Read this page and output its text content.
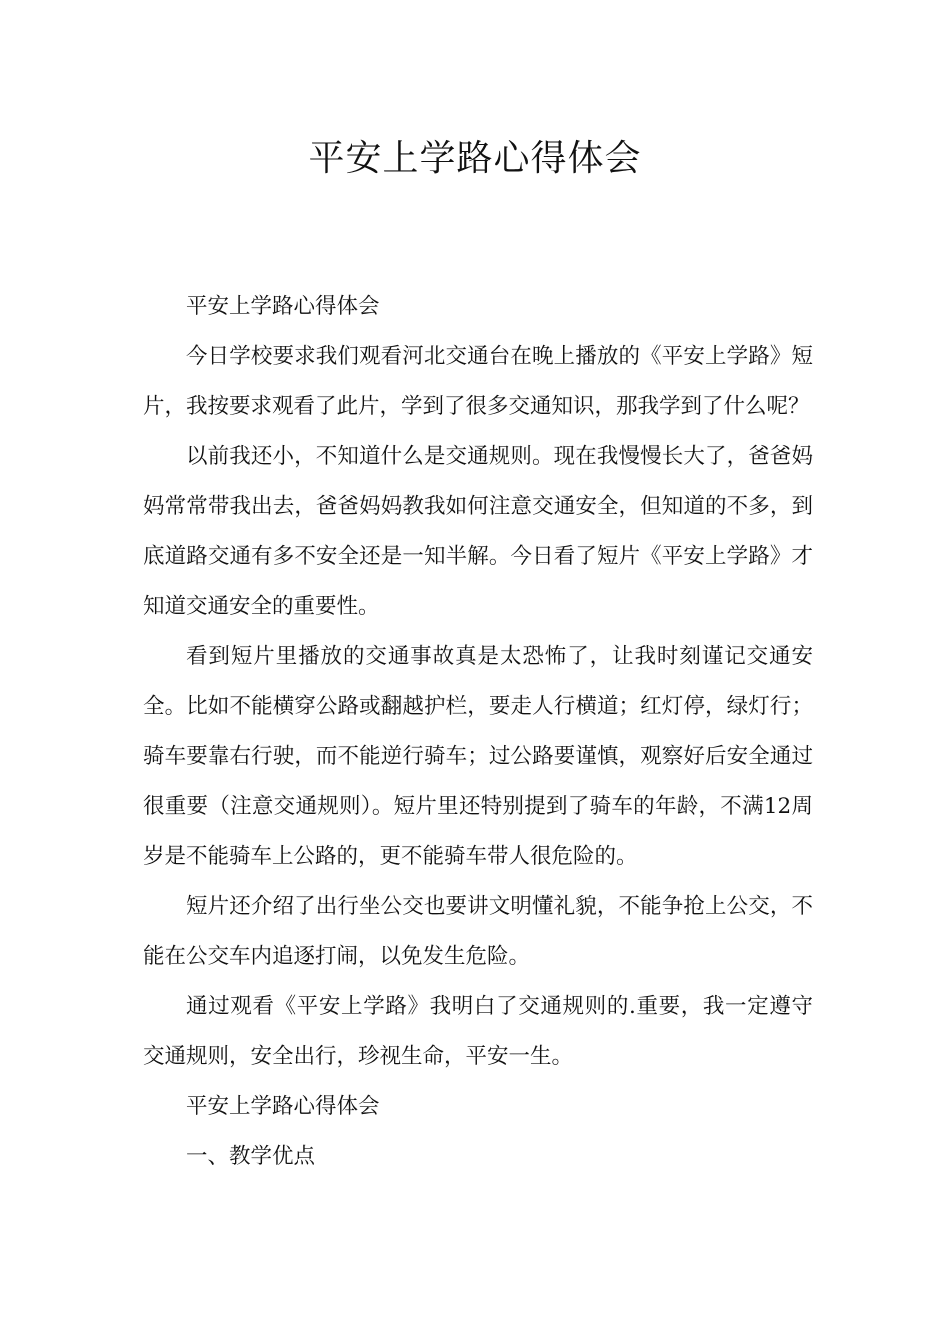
平安上学路心得体会

平安上学路心得体会

今日学校要求我们观看河北交通台在晚上播放的《平安上学路》短片，我按要求观看了此片，学到了很多交通知识，那我学到了什么呢？

以前我还小，不知道什么是交通规则。现在我慢慢长大了，爸爸妈妈常常带我出去，爸爸妈妈教我如何注意交通安全，但知道的不多，到底道路交通有多不安全还是一知半解。今日看了短片《平安上学路》才知道交通安全的重要性。

看到短片里播放的交通事故真是太恐怖了，让我时刻谨记交通安全。比如不能横穿公路或翻越护栏，要走人行横道；红灯停，绿灯行；骑车要靠右行驶，而不能逆行骑车；过公路要谨慎，观察好后安全通过很重要（注意交通规则）。短片里还特别提到了骑车的年龄，不满12周岁是不能骑车上公路的，更不能骑车带人很危险的。

短片还介绍了出行坐公交也要讲文明懂礼貌，不能争抢上公交，不能在公交车内追逐打闹，以免发生危险。

通过观看《平安上学路》我明白了交通规则的.重要，我一定遵守交通规则，安全出行，珍视生命，平安一生。

平安上学路心得体会

一、教学优点
